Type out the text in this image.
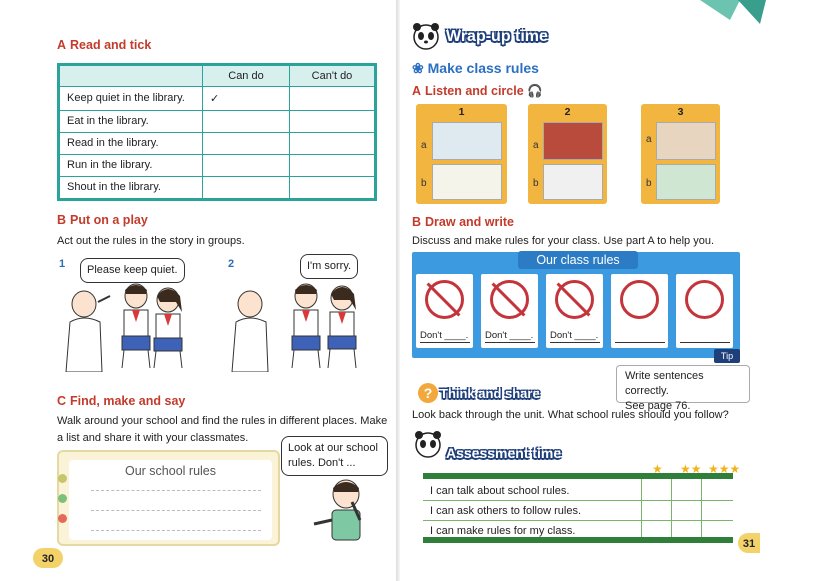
A Read and tick
	Can do	Can't do
Keep quiet in the library.	✓	
Eat in the library.		
Read in the library.		
Run in the library.		
Shout in the library.		
B Put on a play
Act out the rules in the story in groups.
1	Please keep quiet.	2	I'm sorry.
C Find, make and say
Walk around your school and find the rules in different places. Make
a list and share it with your classmates.
Our school rules
Look at our school
rules. Don't ...
30
Wrap-up time
❀ Make class rules
A Listen and circle 🎧
1
a
b
2
a
b
3
a
b
B Draw and write
Discuss and make rules for your class. Use part A to help you.
Our class rules
Don't ____. Don't ____. Don't ____.
Tip
Write sentences correctly.
See page 76.
? Think and share
Look back through the unit. What school rules should you follow?
Assessment time
I can talk about school rules.
I can ask others to follow rules.
I can make rules for my class.
★ ★★ ★★★
31
